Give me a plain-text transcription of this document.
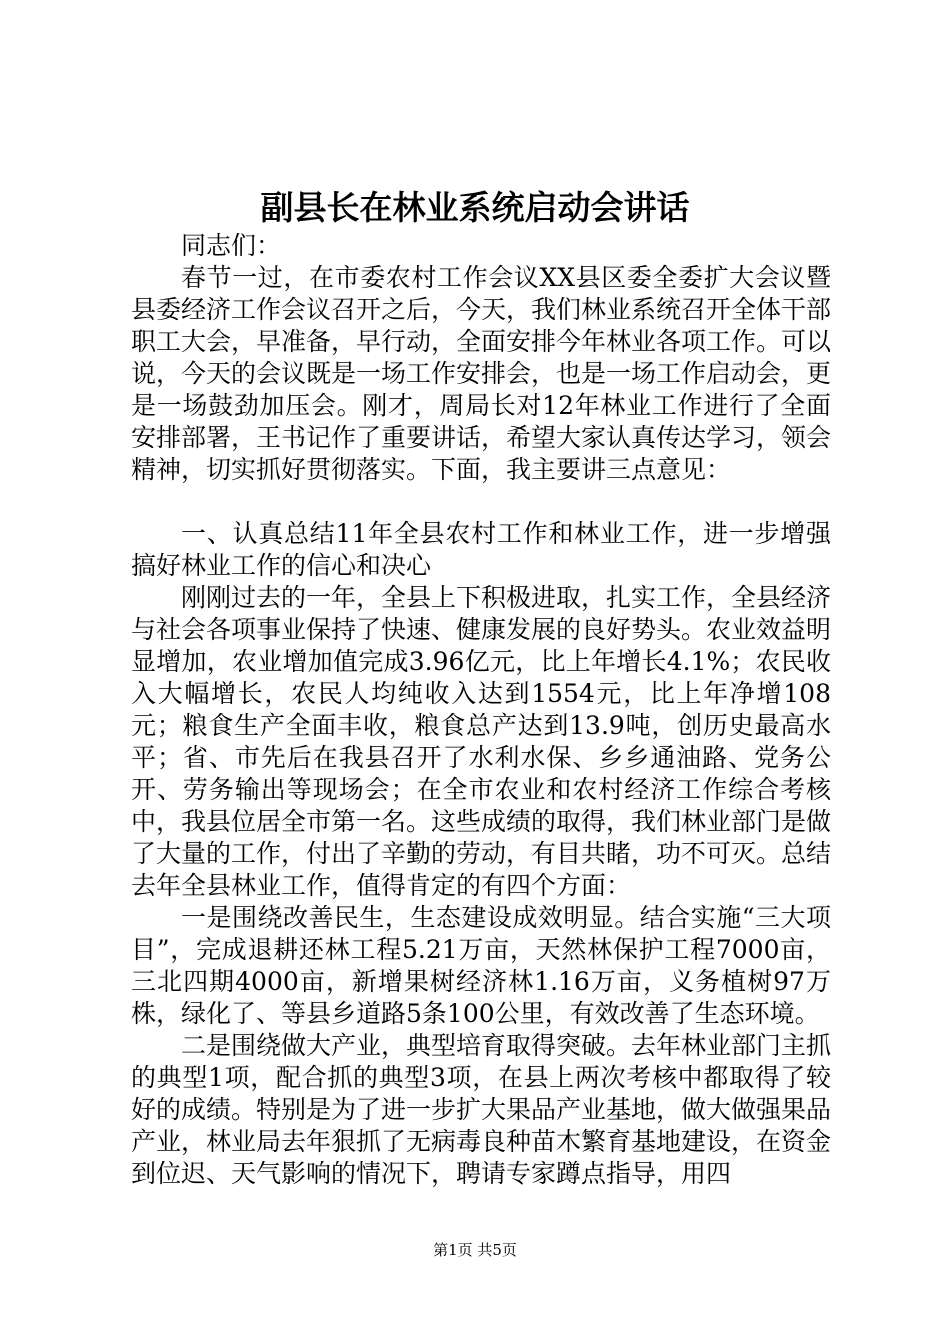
副县长在林业系统启动会讲话

同志们：

春节一过，在市委农村工作会议XX县区委全委扩大会议暨县委经济工作会议召开之后，今天，我们林业系统召开全体干部职工大会，早准备，早行动，全面安排今年林业各项工作。可以说，今天的会议既是一场工作安排会，也是一场工作启动会，更是一场鼓劲加压会。刚才，周局长对12年林业工作进行了全面安排部署，王书记作了重要讲话，希望大家认真传达学习，领会精神，切实抓好贯彻落实。下面，我主要讲三点意见：

一、认真总结11年全县农村工作和林业工作，进一步增强搞好林业工作的信心和决心

刚刚过去的一年，全县上下积极进取，扎实工作，全县经济与社会各项事业保持了快速、健康发展的良好势头。农业效益明显增加，农业增加值完成3.96亿元，比上年增长4.1%；农民收入大幅增长，农民人均纯收入达到1554元，比上年净增108元；粮食生产全面丰收，粮食总产达到13.9吨，创历史最高水平；省、市先后在我县召开了水利水保、乡乡通油路、党务公开、劳务输出等现场会；在全市农业和农村经济工作综合考核中，我县位居全市第一名。这些成绩的取得，我们林业部门是做了大量的工作，付出了辛勤的劳动，有目共睹，功不可灭。总结去年全县林业工作，值得肯定的有四个方面：

一是围绕改善民生，生态建设成效明显。结合实施“三大项目”，完成退耕还林工程5.21万亩，天然林保护工程7000亩，三北四期4000亩，新增果树经济林1.16万亩，义务植树97万株，绿化了、等县乡道路5条100公里，有效改善了生态环境。

二是围绕做大产业，典型培育取得突破。去年林业部门主抓的典型1项，配合抓的典型3项，在县上两次考核中都取得了较好的成绩。特别是为了进一步扩大果品产业基地，做大做强果品产业，林业局去年狠抓了无病毒良种苗木繁育基地建设，在资金到位迟、天气影响的情况下，聘请专家蹲点指导，用四

第1页 共5页
